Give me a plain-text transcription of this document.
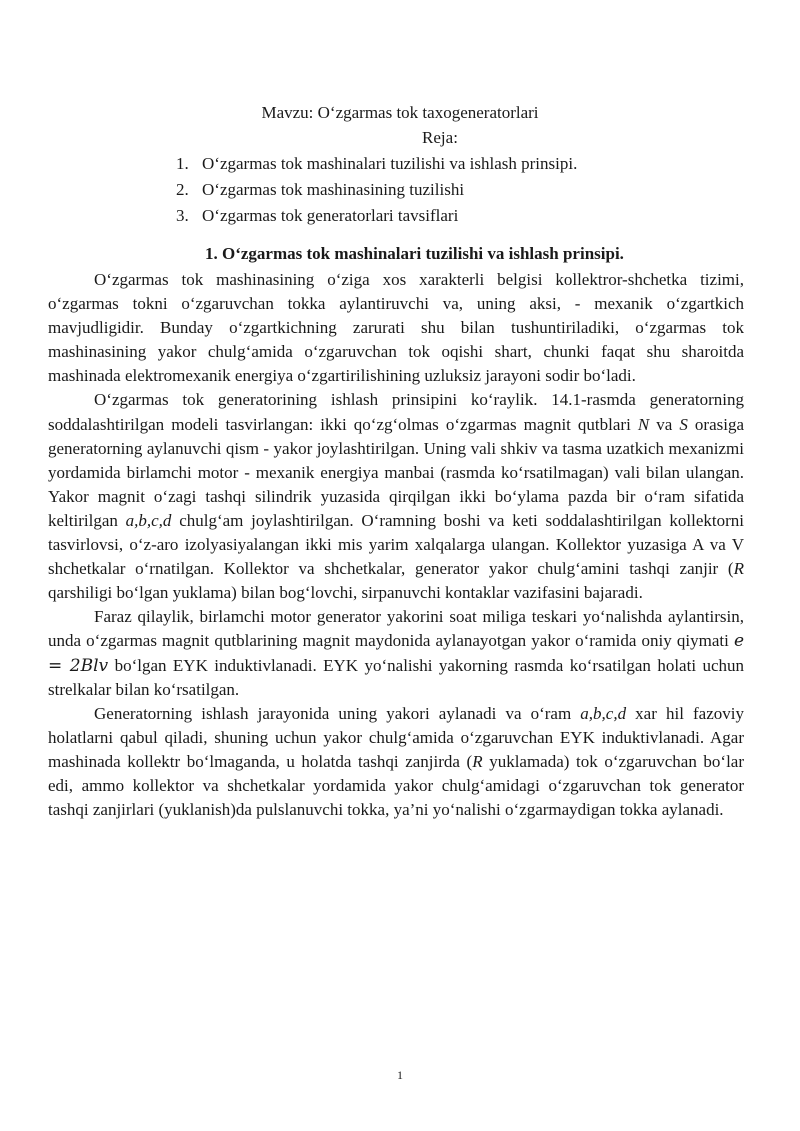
Mavzu: O‘zgarmas tok taxogeneratorlari
Reja:
1. O‘zgarmas tok mashinalari tuzilishi va ishlash prinsipi.
2. O‘zgarmas tok mashinasining tuzilishi
3. O‘zgarmas tok generatorlari tavsiflari
1. O‘zgarmas tok mashinalari tuzilishi va ishlash prinsipi.

O‘zgarmas tok mashinasining o‘ziga xos xarakterli belgisi kollektror-shchetka tizimi, o‘zgarmas tokni o‘zgaruvchan tokka aylantiruvchi va, uning aksi, - mexanik o‘zgartkich mavjudligidir. Bunday o‘zgartkichning zarurati shu bilan tushuntiriladiki, o‘zgarmas tok mashinasining yakor chulg‘amida o‘zgaruvchan tok oqishi shart, chunki faqat shu sharoitda mashinada elektromexanik energiya o‘zgartirilishining uzluksiz jarayoni sodir bo‘ladi.

O‘zgarmas tok generatorining ishlash prinsipini ko‘raylik. 14.1-rasmda generatorning soddalashtirilgan modeli tasvirlangan: ikki qo‘zg‘olmas o‘zgarmas magnit qutblari N va S orasiga generatorning aylanuvchi qism - yakor joylashtirilgan. Uning vali shkiv va tasma uzatkich mexanizmi yordamida birlamchi motor - mexanik energiya manbai (rasmda ko‘rsatilmagan) vali bilan ulangan. Yakor magnit o‘zagi tashqi silindrik yuzasida qirqilgan ikki bo‘ylama pazda bir o‘ram sifatida keltirilgan a,b,c,d chulg‘am joylashtirilgan. O‘ramning boshi va keti soddalashtirilgan kollektorni tasvirlovsi, o‘z-aro izolyasiyalangan ikki mis yarim xalqalarga ulangan. Kollektor yuzasiga A va V shchetkalar o‘rnatilgan. Kollektor va shchetkalar, generator yakor chulg‘amini tashqi zanjir (R qarshiligi bo‘lgan yuklama) bilan bog‘lovchi, sirpanuvchi kontaklar vazifasini bajaradi.

Faraz qilaylik, birlamchi motor generator yakorini soat miliga teskari yo‘nalishda aylantirsin, unda o‘zgarmas magnit qutblarining magnit maydonida aylanayotgan yakor o‘ramida oniy qiymati e = 2Blv bo‘lgan EYK induktivlanadi. EYK yo‘nalishi yakorning rasmda ko‘rsatilgan holati uchun strelkalar bilan ko‘rsatilgan.

Generatorning ishlash jarayonida uning yakori aylanadi va o‘ram a,b,c,d xar hil fazoviy holatlarni qabul qiladi, shuning uchun yakor chulg‘amida o‘zgaruvchan EYK induktivlanadi. Agar mashinada kollektr bo‘lmaganda, u holatda tashqi zanjirda (R yuklamada) tok o‘zgaruvchan bo‘lar edi, ammo kollektor va shchetkalar yordamida yakor chulg‘amidagi o‘zgaruvchan tok generator tashqi zanjirlari (yuklanish)da pulslanuvchi tokka, ya’ni yo‘nalishi o‘zgarmaydigan tokka aylanadi.

1
